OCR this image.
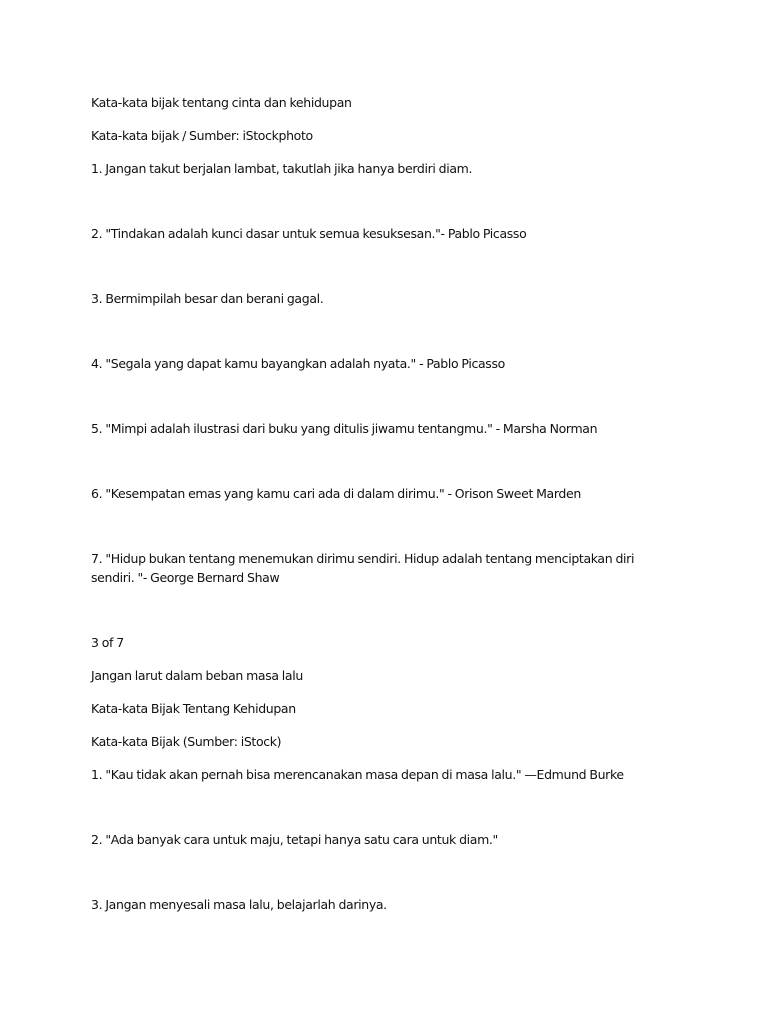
Kata-kata bijak tentang cinta dan kehidupan

Kata-kata bijak / Sumber: iStockphoto

1. Jangan takut berjalan lambat, takutlah jika hanya berdiri diam.

2. "Tindakan adalah kunci dasar untuk semua kesuksesan."- Pablo Picasso

3. Bermimpilah besar dan berani gagal.

4. "Segala yang dapat kamu bayangkan adalah nyata." - Pablo Picasso

5. "Mimpi adalah ilustrasi dari buku yang ditulis jiwamu tentangmu." - Marsha Norman

6. "Kesempatan emas yang kamu cari ada di dalam dirimu." - Orison Sweet Marden

7. "Hidup bukan tentang menemukan dirimu sendiri. Hidup adalah tentang menciptakan diri sendiri. "- George Bernard Shaw

3 of 7

Jangan larut dalam beban masa lalu

Kata-kata Bijak Tentang Kehidupan

Kata-kata Bijak (Sumber: iStock)

1. "Kau tidak akan pernah bisa merencanakan masa depan di masa lalu." —Edmund Burke

2. "Ada banyak cara untuk maju, tetapi hanya satu cara untuk diam."

3. Jangan menyesali masa lalu, belajarlah darinya.
